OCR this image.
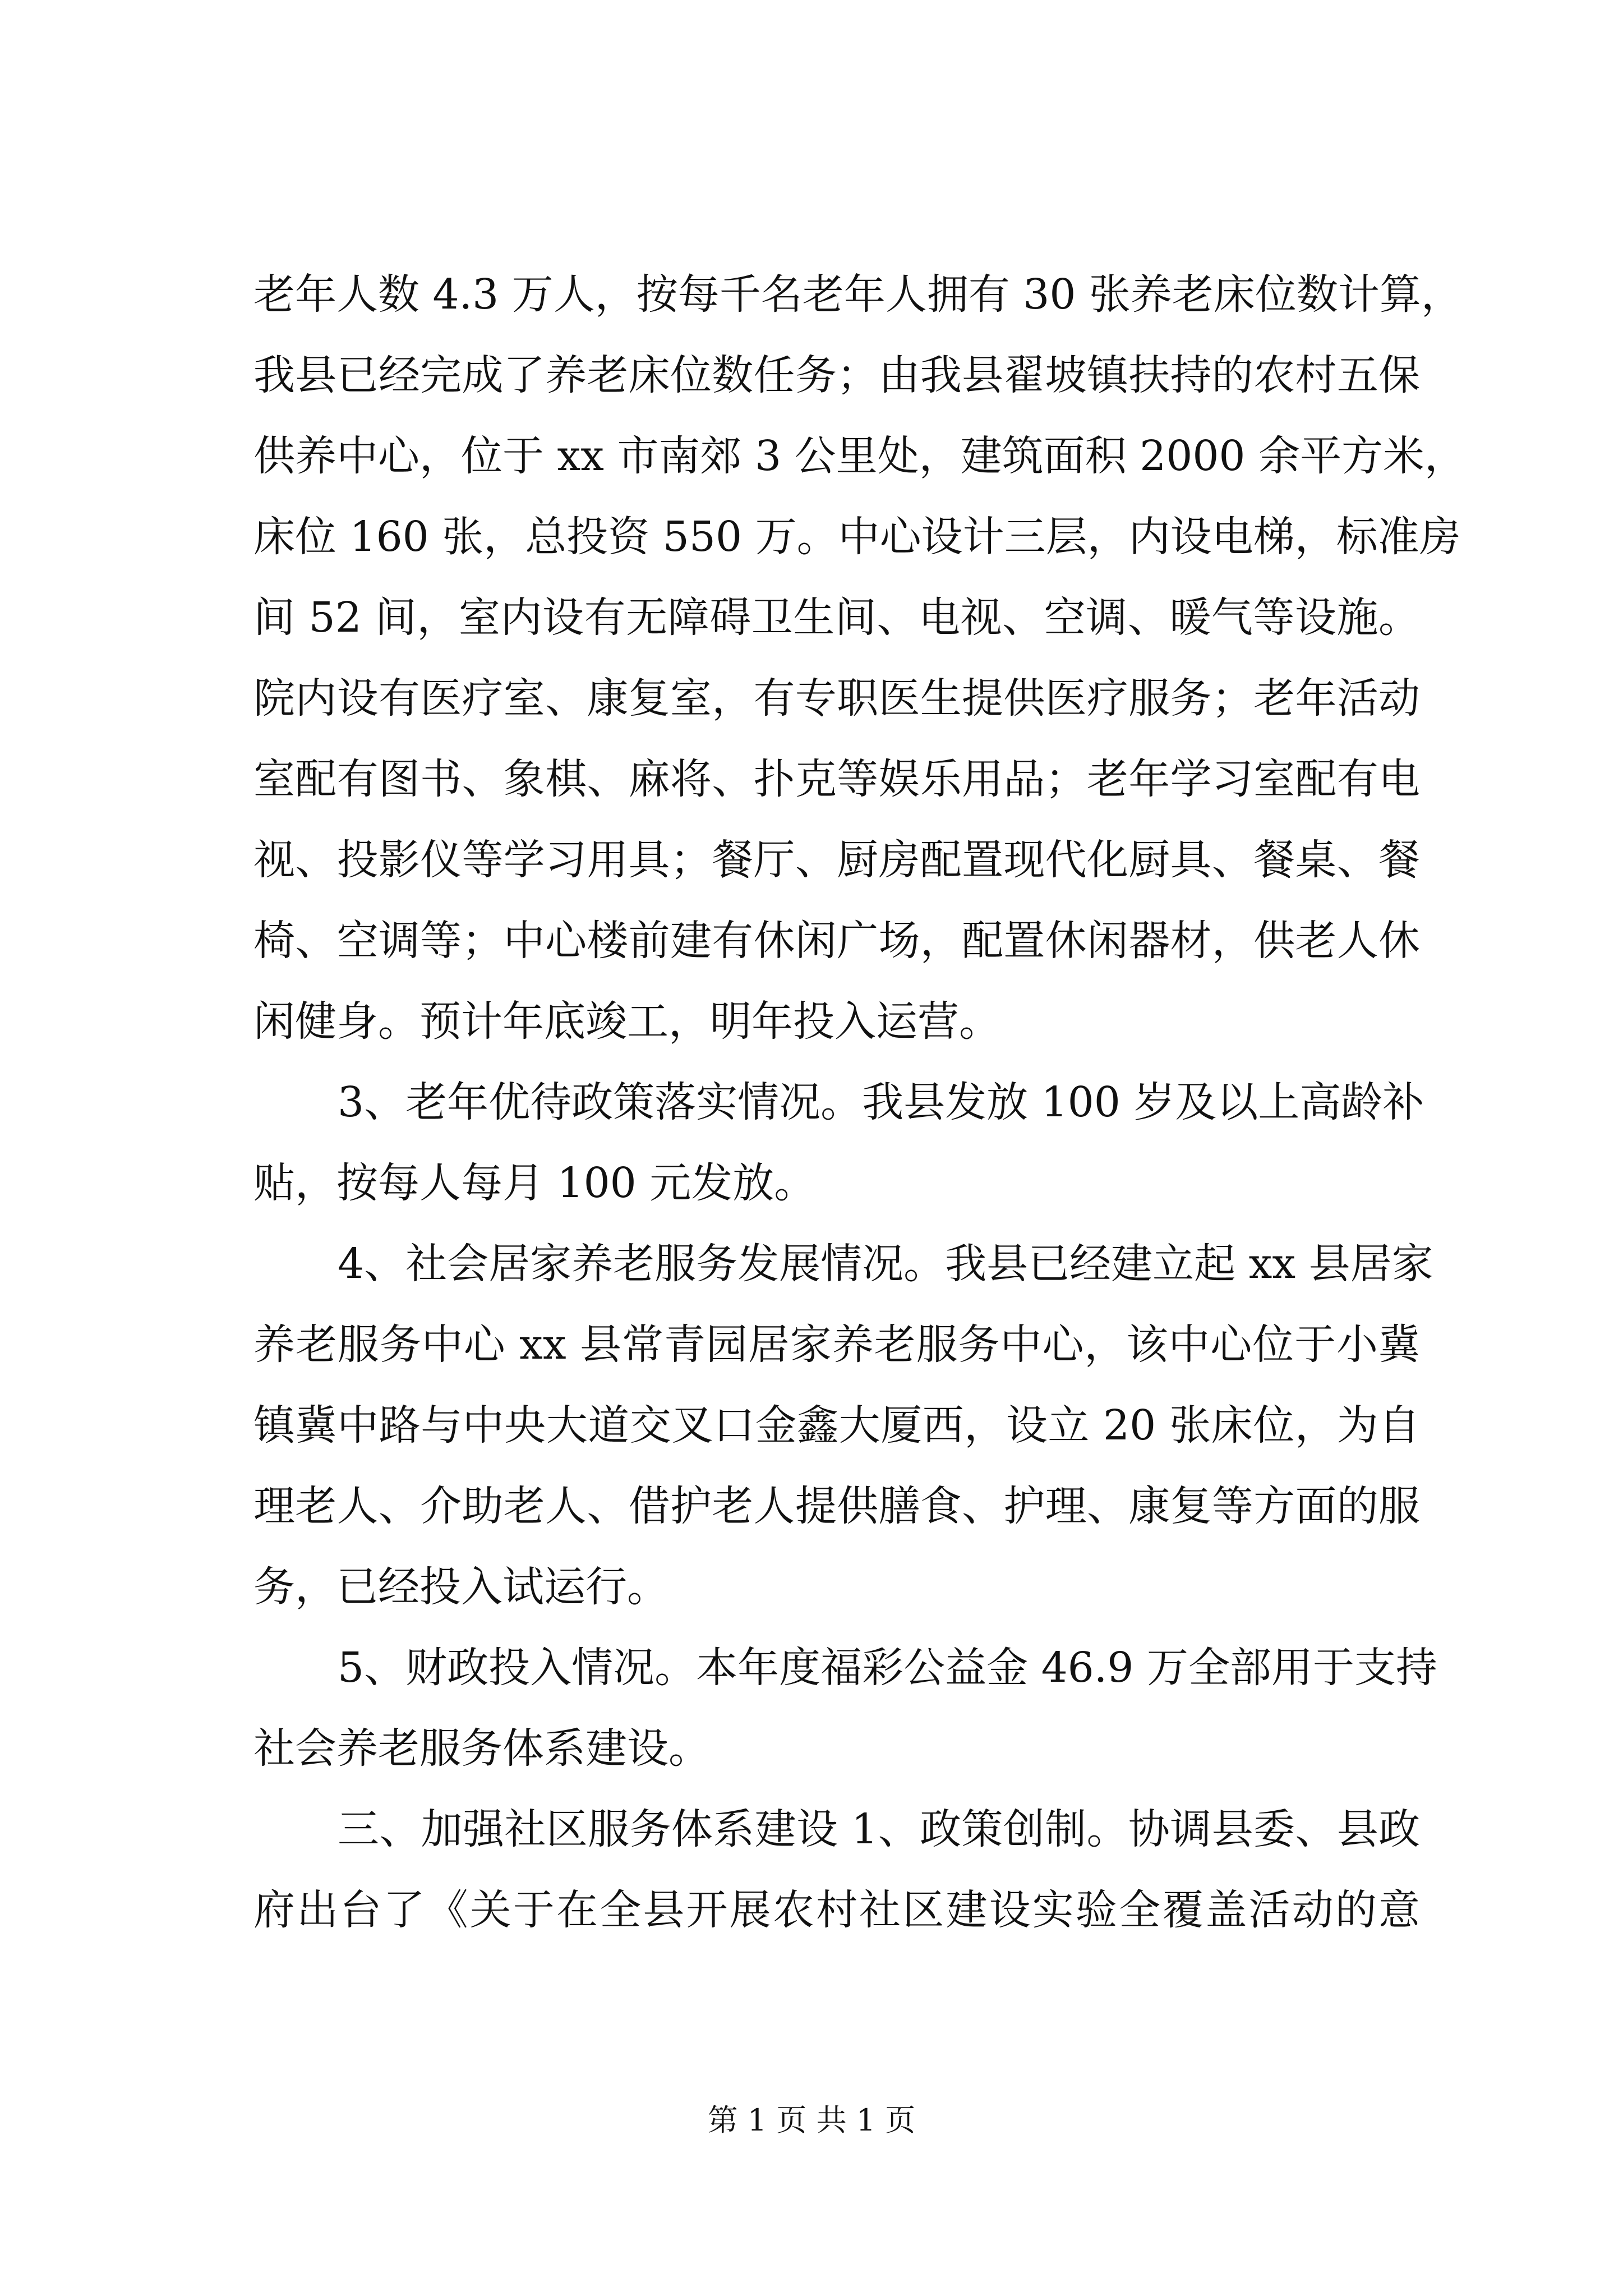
老年人数 4.3 万人，按每千名老年人拥有 30 张养老床位数计算，
我县已经完成了养老床位数任务；由我县翟坡镇扶持的农村五保
供养中心，位于 xx 市南郊 3 公里处，建筑面积 2000 余平方米，
床位 160 张，总投资 550 万。中心设计三层，内设电梯，标准房
间 52 间，室内设有无障碍卫生间、电视、空调、暖气等设施。
院内设有医疗室、康复室，有专职医生提供医疗服务；老年活动
室配有图书、象棋、麻将、扑克等娱乐用品；老年学习室配有电
视、投影仪等学习用具；餐厅、厨房配置现代化厨具、餐桌、餐
椅、空调等；中心楼前建有休闲广场，配置休闲器材，供老人休
闲健身。预计年底竣工，明年投入运营。
3、老年优待政策落实情况。我县发放 100 岁及以上高龄补
贴，按每人每月 100 元发放。
4、社会居家养老服务发展情况。我县已经建立起 xx 县居家
养老服务中心 xx 县常青园居家养老服务中心，该中心位于小冀
镇冀中路与中央大道交叉口金鑫大厦西，设立 20 张床位，为自
理老人、介助老人、借护老人提供膳食、护理、康复等方面的服
务，已经投入试运行。
5、财政投入情况。本年度福彩公益金 46.9 万全部用于支持
社会养老服务体系建设。
三、加强社区服务体系建设 1、政策创制。协调县委、县政
府出台了《关于在全县开展农村社区建设实验全覆盖活动的意
第 1 页 共 1 页
